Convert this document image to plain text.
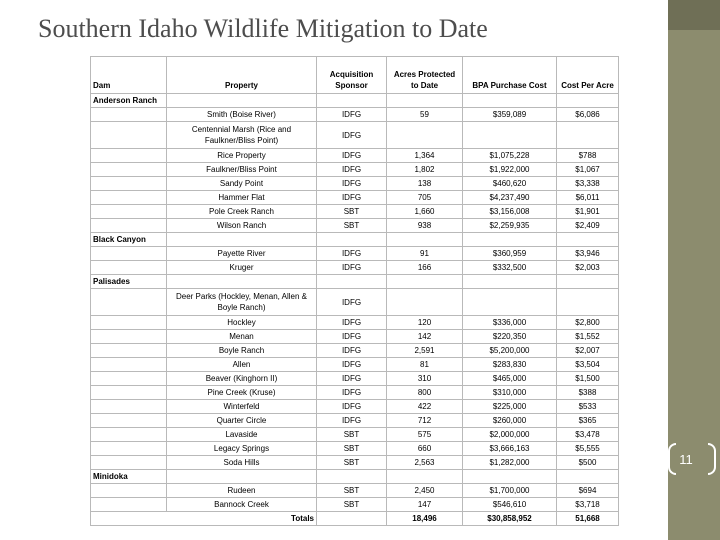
Southern Idaho Wildlife Mitigation to Date
11
Dam	Property	Acquisition Sponsor	Acres Protected to Date	BPA Purchase Cost	Cost Per Acre
Anderson Ranch					
	Smith (Boise River)	IDFG	59	$359,089	$6,086
	Centennial Marsh (Rice and Faulkner/Bliss Point)	IDFG			
	Rice Property	IDFG	1,364	$1,075,228	$788
	Faulkner/Bliss Point	IDFG	1,802	$1,922,000	$1,067
	Sandy Point	IDFG	138	$460,620	$3,338
	Hammer Flat	IDFG	705	$4,237,490	$6,011
	Pole Creek Ranch	SBT	1,660	$3,156,008	$1,901
	Wilson Ranch	SBT	938	$2,259,935	$2,409
Black Canyon					
	Payette River	IDFG	91	$360,959	$3,946
	Kruger	IDFG	166	$332,500	$2,003
Palisades					
	Deer Parks (Hockley, Menan, Allen & Boyle Ranch)	IDFG			
	Hockley	IDFG	120	$336,000	$2,800
	Menan	IDFG	142	$220,350	$1,552
	Boyle Ranch	IDFG	2,591	$5,200,000	$2,007
	Allen	IDFG	81	$283,830	$3,504
	Beaver (Kinghorn II)	IDFG	310	$465,000	$1,500
	Pine Creek (Kruse)	IDFG	800	$310,000	$388
	Winterfeld	IDFG	422	$225,000	$533
	Quarter Circle	IDFG	712	$260,000	$365
	Lavaside	SBT	575	$2,000,000	$3,478
	Legacy Springs	SBT	660	$3,666,163	$5,555
	Soda Hills	SBT	2,563	$1,282,000	$500
Minidoka					
	Rudeen	SBT	2,450	$1,700,000	$694
	Bannock Creek	SBT	147	$546,610	$3,718
Totals			18,496	$30,858,952	51,668
